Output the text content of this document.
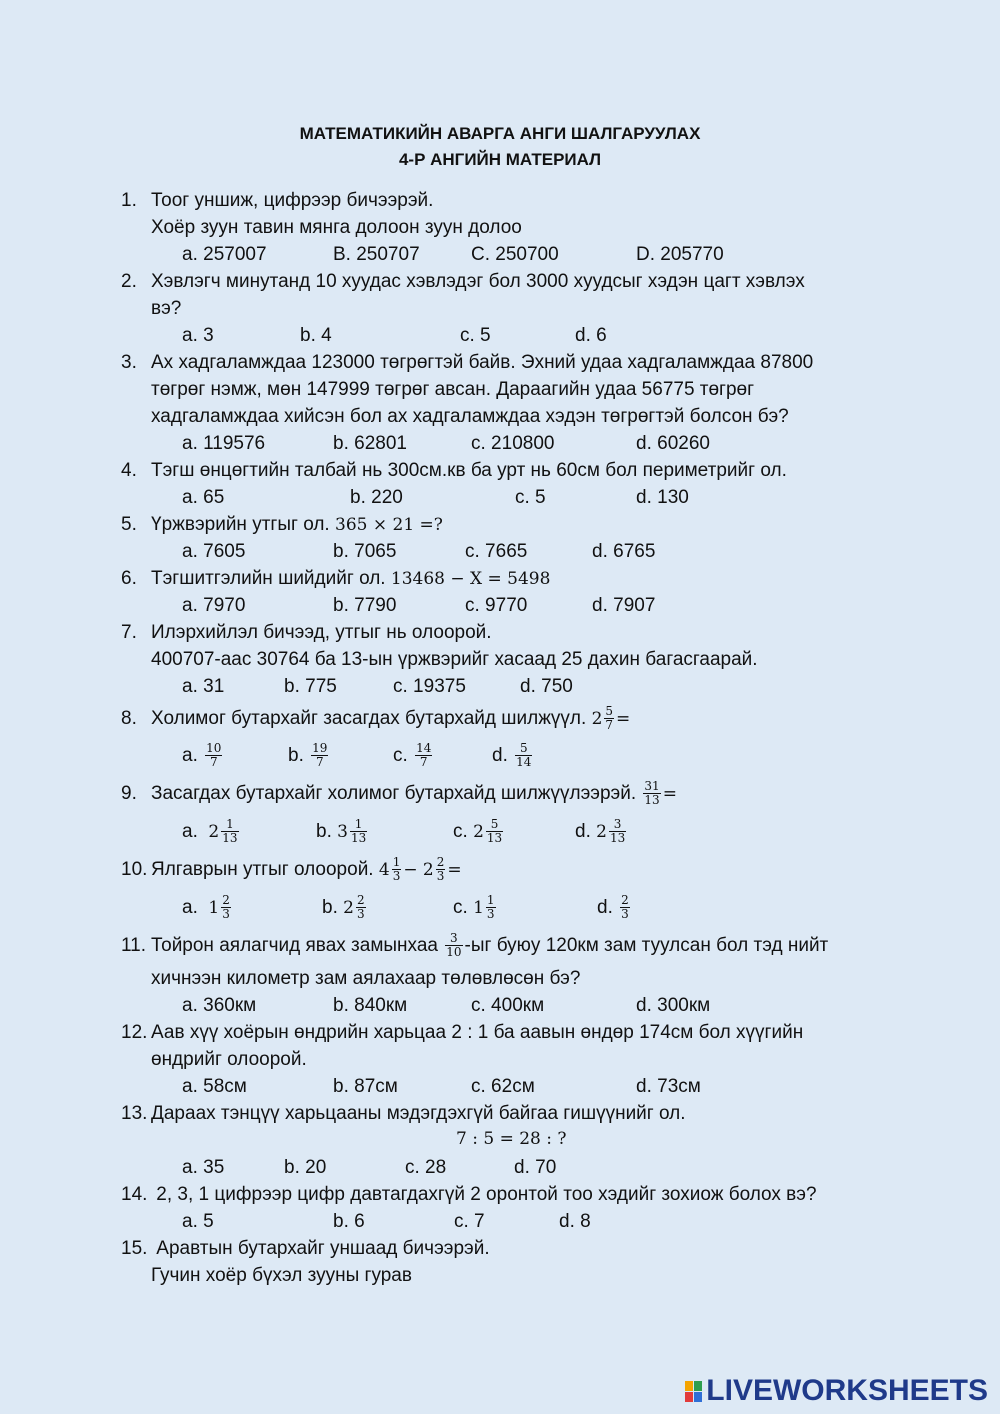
МАТЕМАТИКИЙН АВАРГА АНГИ ШАЛГАРУУЛАХ
4-Р АНГИЙН МАТЕРИАЛ
1. Тоог уншиж, цифрээр бичээрэй.
Хоёр зуун тавин мянга долоон зуун долоо
a. 257007	B. 250707	C. 250700	D. 205770
2. Хэвлэгч минутанд 10 хуудас хэвлэдэг бол 3000 хуудсыг хэдэн цагт хэвлэх
вэ?
a. 3	b. 4	c. 5	d. 6
3. Ах хадгаламждаа 123000 төгрөгтэй байв. Эхний удаа хадгаламждаа 87800
төгрөг нэмж, мөн 147999 төгрөг авсан. Дараагийн удаа 56775 төгрөг
хадгаламждаа хийсэн бол ах хадгаламждаа хэдэн төгрөгтэй болсон бэ?
a. 119576	b. 62801	c. 210800	d. 60260
4. Тэгш өнцөгтийн талбай нь 300см.кв ба урт нь 60см бол периметрийг ол.
a. 65	b. 220	c. 5	d. 130
5. Үржвэрийн утгыг ол. 365 × 21 =?
a. 7605	b. 7065	c. 7665	d. 6765
6. Тэгшитгэлийн шийдийг ол. 13468 − X = 5498
a. 7970	b. 7790	c. 9770	d. 7907
7. Илэрхийлэл бичээд, утгыг нь олоорой.
400707-аас 30764 ба 13-ын үржвэрийг хасаад 25 дахин багасгаарай.
a. 31	b. 775	c. 19375	d. 750
8. Холимог бутархайг засагдах бутархайд шилжүүл. $2 \frac{5}{7}$ =
a. $\frac{10}{7}$	b. $\frac{19}{7}$	c. $\frac{14}{7}$	d. $\frac{5}{14}$
9. Засагдах бутархайг холимог бутархайд шилжүүлээрэй. $\frac{31}{13}$ =
a. $2 \frac{1}{13}$	b. $3 \frac{1}{13}$	c. $2 \frac{5}{13}$	d. $2 \frac{3}{13}$
10. Ялгаврын утгыг олоорой. $4 \frac{1}{3} - 2 \frac{2}{3}$ =
a. $1 \frac{2}{3}$	b. $2 \frac{2}{3}$	c. $1 \frac{1}{3}$	d. $\frac{2}{3}$
11. Тойрон аялагчид явах замынхаа $\frac{3}{10} -ыг$ буюу 120км зам туулсан бол тэд нийт
хичнээн километр зам аялахаар төлөвлөсөн бэ?
a. 360км	b. 840км	c. 400км	d. 300км
12. Аав хүү хоёрын өндрийн харьцаа 2 : 1 ба аавын өндөр 174см бол хүүгийн
өндрийг олоорой.
a. 58см	b. 87см	c. 62см	d. 73см
13. Дараах тэнцүү харьцааны мэдэгдэхгүй байгаа гишүүнийг ол.
7 : 5 = 28 : ?
a. 35	b. 20	c. 28	d. 70
14. 2, 3, 1 цифрээр цифр давтагдахгүй 2 оронтой тоо хэдийг зохиож болох вэ?
a. 5	b. 6	c. 7	d. 8
15. Аравтын бутархайг уншаад бичээрэй.
Гучин хоёр бүхэл зууны гурав
LIVEWORKSHEETS
